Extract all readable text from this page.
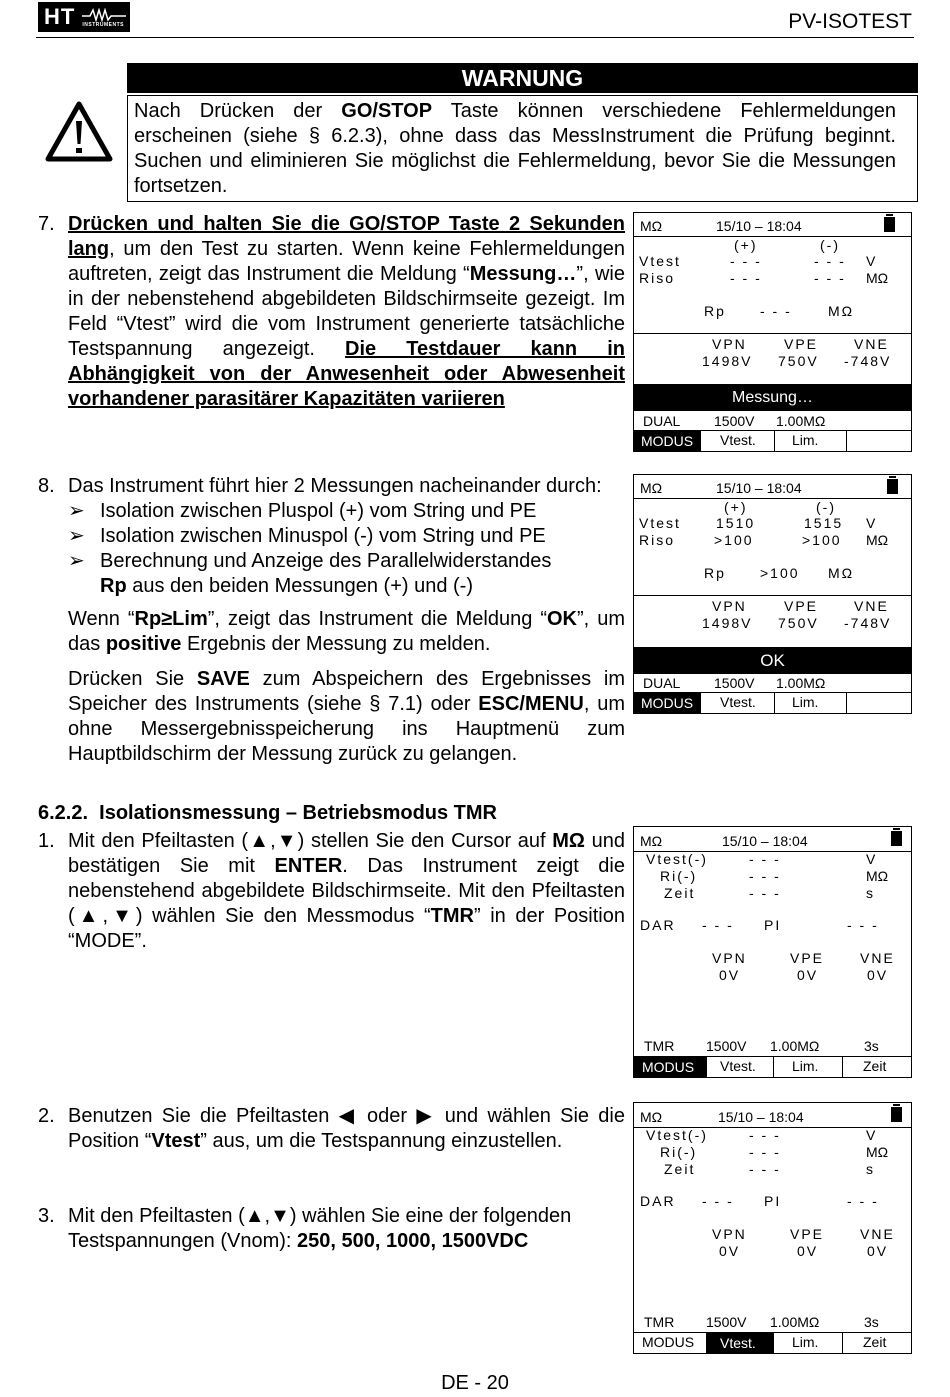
HT INSTRUMENTS	PV-ISOTEST
WARNUNG
Nach Drücken der GO/STOP Taste können verschiedene Fehlermeldungen erscheinen (siehe § 6.2.3), ohne dass das MessInstrument die Prüfung beginnt. Suchen und eliminieren Sie möglichst die Fehlermeldung, bevor Sie die Messungen fortsetzen.
7. Drücken und halten Sie die GO/STOP Taste 2 Sekunden lang, um den Test zu starten. Wenn keine Fehlermeldungen auftreten, zeigt das Instrument die Meldung “Messung…”, wie in der nebenstehend abgebildeten Bildschirmseite gezeigt. Im Feld “Vtest” wird die vom Instrument generierte tatsächliche Testspannung angezeigt. Die Testdauer kann in Abhängigkeit von der Anwesenheit oder Abwesenheit vorhandener parasitärer Kapazitäten variieren
8. Das Instrument führt hier 2 Messungen nacheinander durch:
➢ Isolation zwischen Pluspol (+) vom String und PE
➢ Isolation zwischen Minuspol (-) vom String und PE
➢ Berechnung und Anzeige des Parallelwiderstandes
Rp aus den beiden Messungen (+) und (-)
Wenn “Rp≥Lim”, zeigt das Instrument die Meldung “OK”, um das positive Ergebnis der Messung zu melden.
Drücken Sie SAVE zum Abspeichern des Ergebnisses im Speicher des Instruments (siehe § 7.1) oder ESC/MENU, um ohne Messergebnisspeicherung ins Hauptmenü zum Hauptbildschirm der Messung zurück zu gelangen.
6.2.2.  Isolationsmessung – Betriebsmodus TMR
1. Mit den Pfeiltasten (▲,▼) stellen Sie den Cursor auf MΩ und bestätigen Sie mit ENTER. Das Instrument zeigt die nebenstehend abgebildete Bildschirmseite. Mit den Pfeiltasten (▲,▼) wählen Sie den Messmodus “TMR” in der Position “MODE”.
2. Benutzen Sie die Pfeiltasten ◀ oder ▶ und wählen Sie die Position “Vtest” aus, um die Testspannung einzustellen.
3. Mit den Pfeiltasten (▲,▼) wählen Sie eine der folgenden Testspannungen (Vnom): 250, 500, 1000, 1500VDC
MΩ	15/10 – 18:04
(+)	(-)
Vtest	- - -	- - - V
Riso	- - -	- - - MΩ
Rp - - -	MΩ
VPN	VPE	VNE
1498V 750V -748V
Messung…
DUAL 1500V 1.00MΩ
MODUS	Vtest.	Lim.
MΩ	15/10 – 18:04
(+)	(-)
Vtest	1510	1515 V
Riso	>100	>100 MΩ
Rp >100 MΩ
VPN	VPE	VNE
1498V 750V -748V
OK
DUAL 1500V 1.00MΩ
MODUS	Vtest.	Lim.
MΩ	15/10 – 18:04
Vtest(-)	- - -	V
Ri(-)	- - -	MΩ
Zeit	- - -	s
DAR - - - PI	- - -
VPN	VPE	VNE
0V	0V	0V
TMR 1500V 1.00MΩ	3s
MODUS	Vtest.	Lim.	Zeit
MΩ	15/10 – 18:04
Vtest(-)	- - -	V
Ri(-)	- - -	MΩ
Zeit	- - -	s
DAR - - - PI	- - -
VPN	VPE	VNE
0V	0V	0V
TMR 1500V 1.00MΩ	3s
MODUS	Vtest.	Lim.	Zeit
DE - 20
